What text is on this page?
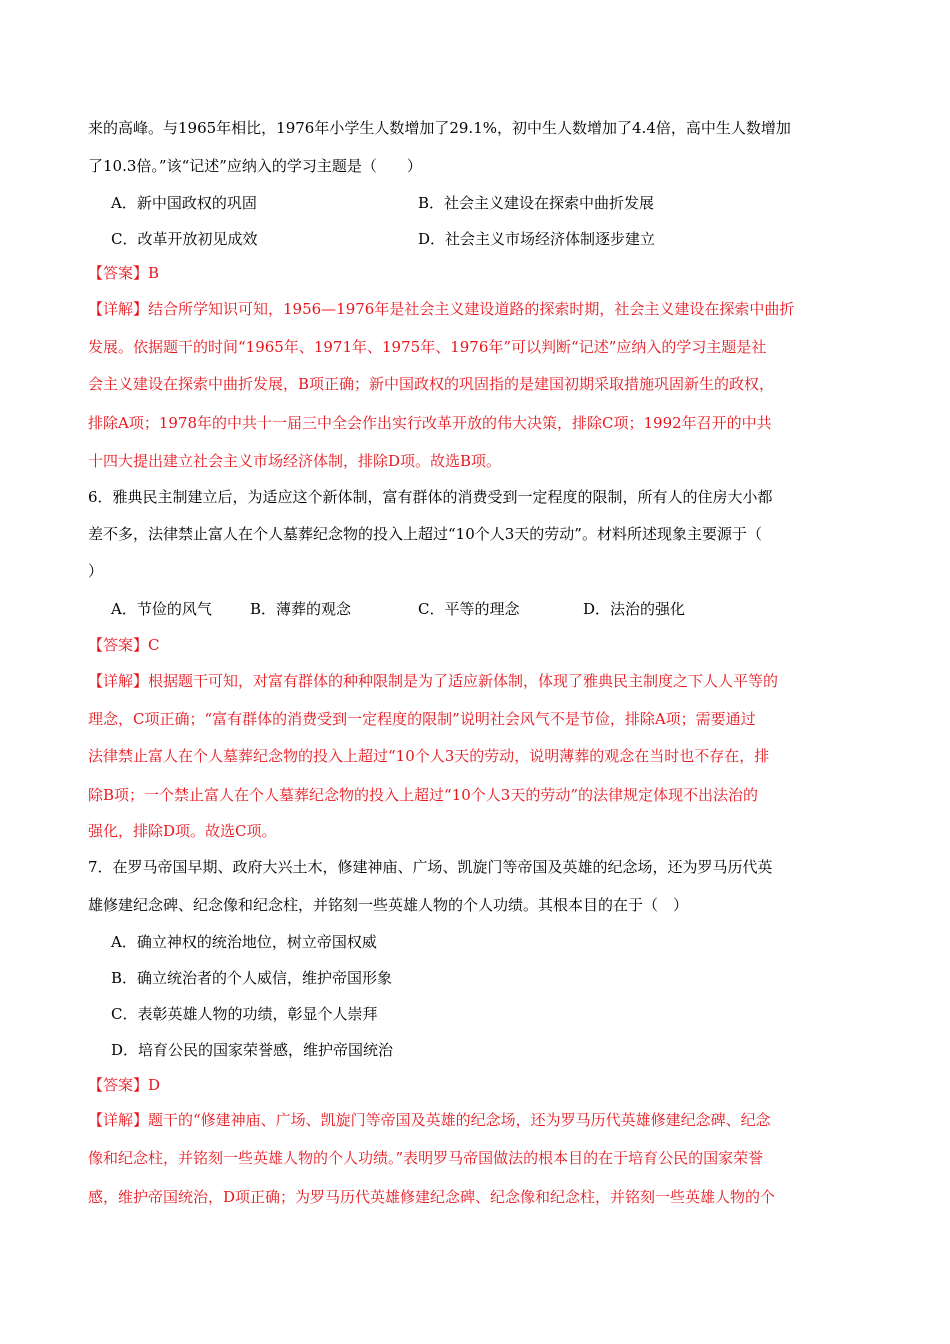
来的高峰。与1965年相比，1976年小学生人数增加了29.1%，初中生人数增加了4.4倍，高中生人数增加
了10.3倍。”该“记述”应纳入的学习主题是（　　）
A．新中国政权的巩固	B．社会主义建设在探索中曲折发展
C．改革开放初见成效	D．社会主义市场经济体制逐步建立
【答案】B
【详解】结合所学知识可知，1956—1976年是社会主义建设道路的探索时期，社会主义建设在探索中曲折
发展。依据题干的时间“1965年、1971年、1975年、1976年”可以判断“记述”应纳入的学习主题是社
会主义建设在探索中曲折发展，B项正确；新中国政权的巩固指的是建国初期采取措施巩固新生的政权，
排除A项；1978年的中共十一届三中全会作出实行改革开放的伟大决策，排除C项；1992年召开的中共
十四大提出建立社会主义市场经济体制，排除D项。故选B项。
6．雅典民主制建立后，为适应这个新体制，富有群体的消费受到一定程度的限制，所有人的住房大小都
差不多，法律禁止富人在个人墓葬纪念物的投入上超过“10个人3天的劳动”。材料所述现象主要源于（
）
A．节俭的风气	B．薄葬的观念	C．平等的理念	D．法治的强化
【答案】C
【详解】根据题干可知，对富有群体的种种限制是为了适应新体制，体现了雅典民主制度之下人人平等的
理念，C项正确；“富有群体的消费受到一定程度的限制”说明社会风气不是节俭，排除A项；需要通过
法律禁止富人在个人墓葬纪念物的投入上超过“10个人3天的劳动，说明薄葬的观念在当时也不存在，排
除B项；一个禁止富人在个人墓葬纪念物的投入上超过“10个人3天的劳动”的法律规定体现不出法治的
强化，排除D项。故选C项。
7．在罗马帝国早期、政府大兴土木，修建神庙、广场、凯旋门等帝国及英雄的纪念场，还为罗马历代英
雄修建纪念碑、纪念像和纪念柱，并铭刻一些英雄人物的个人功绩。其根本目的在于（　）
A．确立神权的统治地位，树立帝国权威
B．确立统治者的个人威信，维护帝国形象
C．表彰英雄人物的功绩，彰显个人崇拜
D．培育公民的国家荣誉感，维护帝国统治
【答案】D
【详解】题干的“修建神庙、广场、凯旋门等帝国及英雄的纪念场，还为罗马历代英雄修建纪念碑、纪念
像和纪念柱，并铭刻一些英雄人物的个人功绩。”表明罗马帝国做法的根本目的在于培育公民的国家荣誉
感，维护帝国统治，D项正确；为罗马历代英雄修建纪念碑、纪念像和纪念柱，并铭刻一些英雄人物的个
